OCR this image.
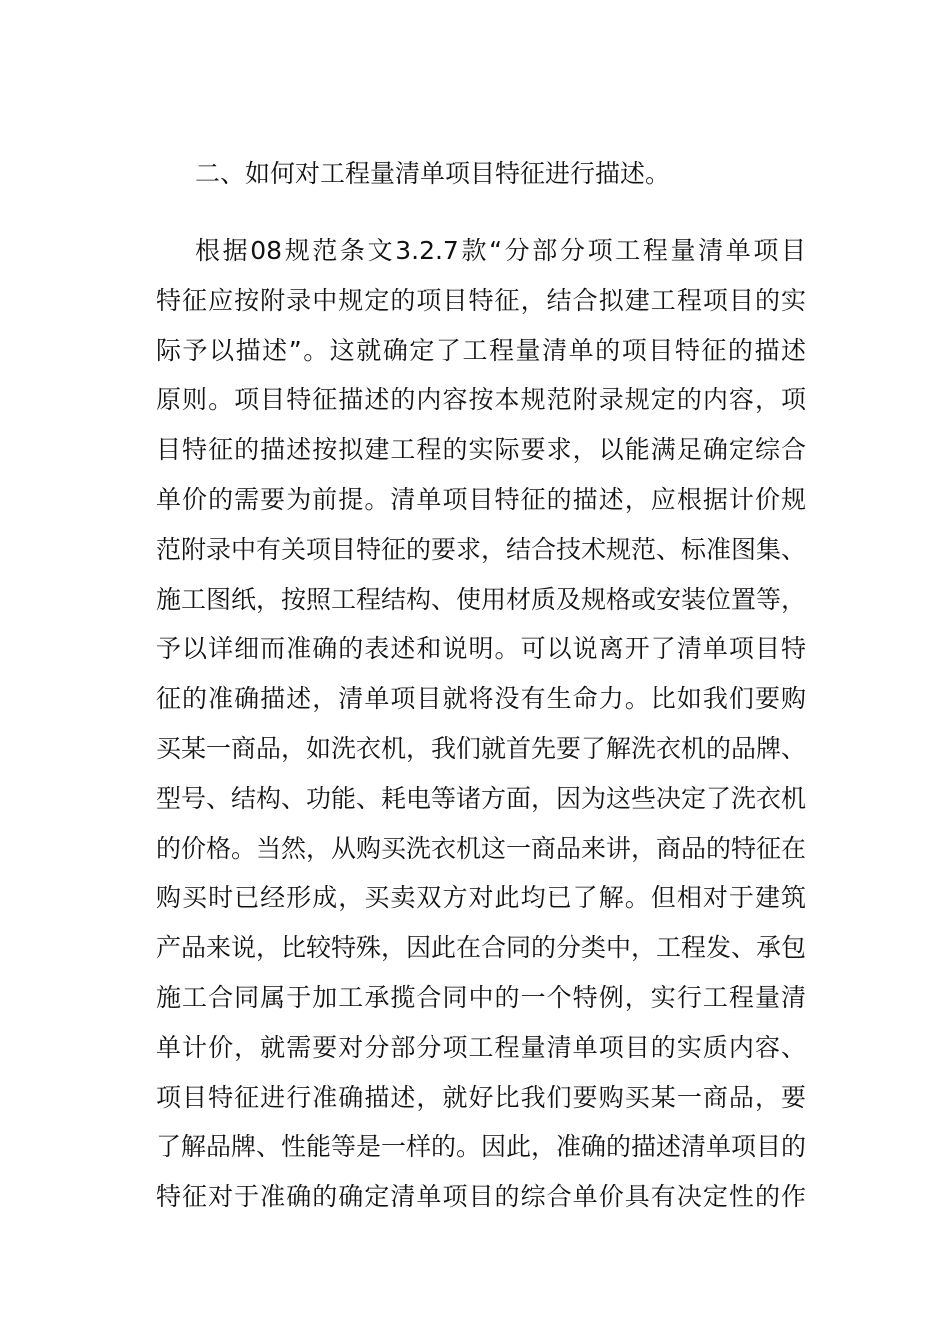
二、如何对工程量清单项目特征进行描述。
根据08规范条文3.2.7款“分部分项工程量清单项目
特征应按附录中规定的项目特征，结合拟建工程项目的实
际予以描述”。这就确定了工程量清单的项目特征的描述
原则。项目特征描述的内容按本规范附录规定的内容，项
目特征的描述按拟建工程的实际要求，以能满足确定综合
单价的需要为前提。清单项目特征的描述，应根据计价规
范附录中有关项目特征的要求，结合技术规范、标准图集、
施工图纸，按照工程结构、使用材质及规格或安装位置等，
予以详细而准确的表述和说明。可以说离开了清单项目特
征的准确描述，清单项目就将没有生命力。比如我们要购
买某一商品，如洗衣机，我们就首先要了解洗衣机的品牌、
型号、结构、功能、耗电等诸方面，因为这些决定了洗衣机
的价格。当然，从购买洗衣机这一商品来讲，商品的特征在
购买时已经形成，买卖双方对此均已了解。但相对于建筑
产品来说，比较特殊，因此在合同的分类中，工程发、承包
施工合同属于加工承揽合同中的一个特例，实行工程量清
单计价，就需要对分部分项工程量清单项目的实质内容、
项目特征进行准确描述，就好比我们要购买某一商品，要
了解品牌、性能等是一样的。因此，准确的描述清单项目的
特征对于准确的确定清单项目的综合单价具有决定性的作
